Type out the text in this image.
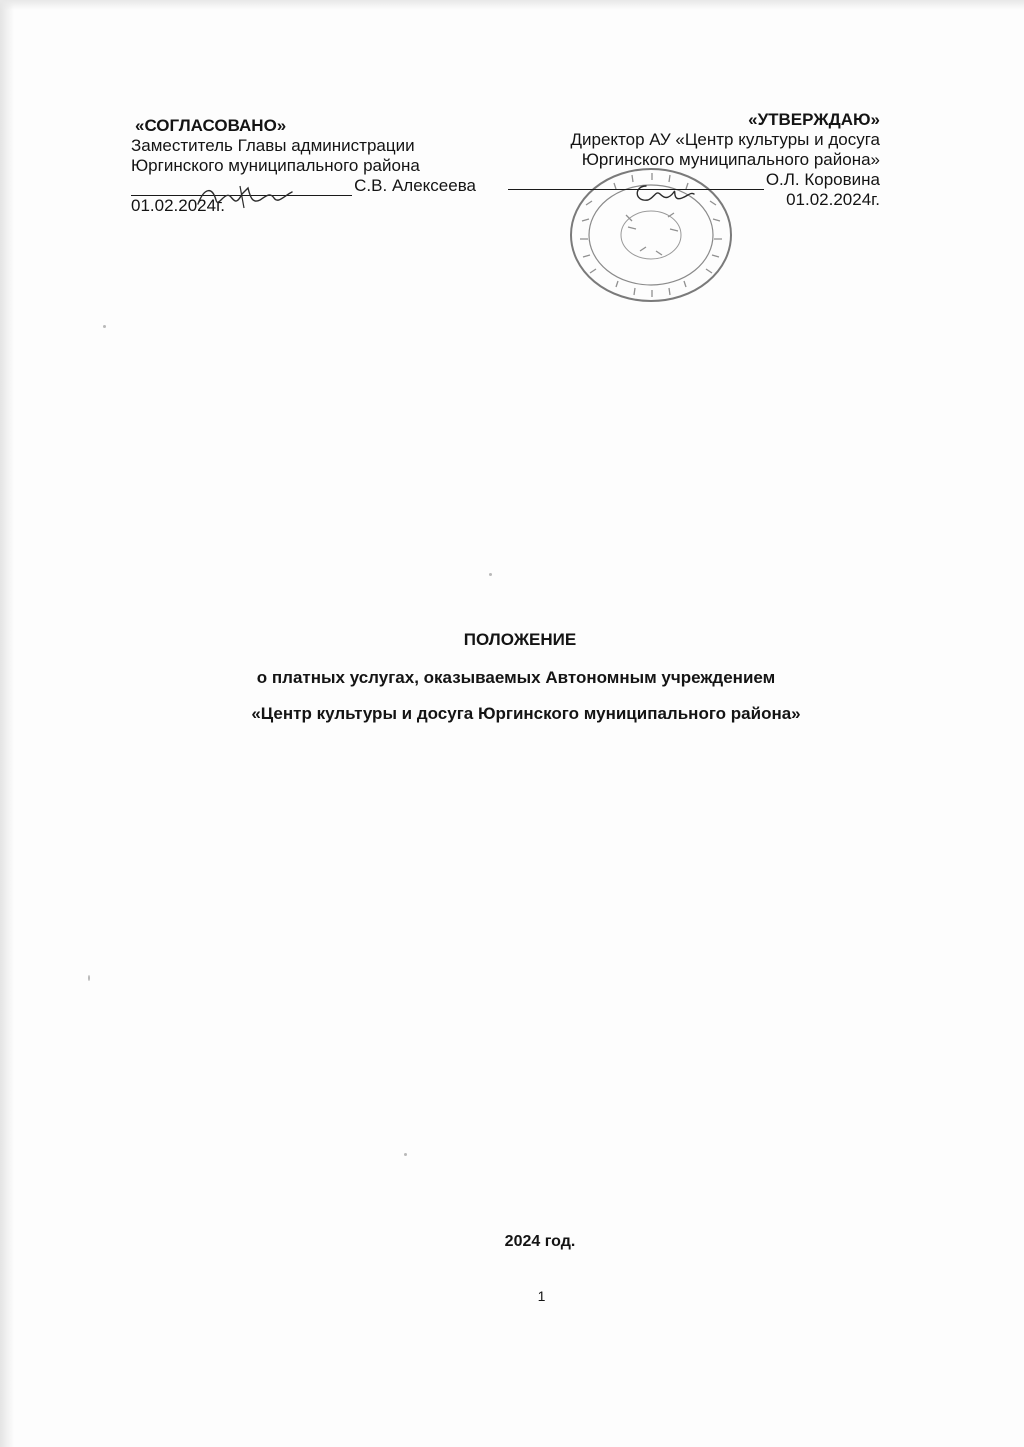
«СОГЛАСОВАНО»
Заместитель Главы администрации
Юргинского муниципального района
С.В. Алексеева
01.02.2024г.
«УТВЕРЖДАЮ»
Директор АУ «Центр культуры и досуга
Юргинского муниципального района»
О.Л. Коровина
01.02.2024г.
ПОЛОЖЕНИЕ
о платных услугах, оказываемых Автономным учреждением
«Центр культуры и досуга Юргинского муниципального района»
2024 год.
1
